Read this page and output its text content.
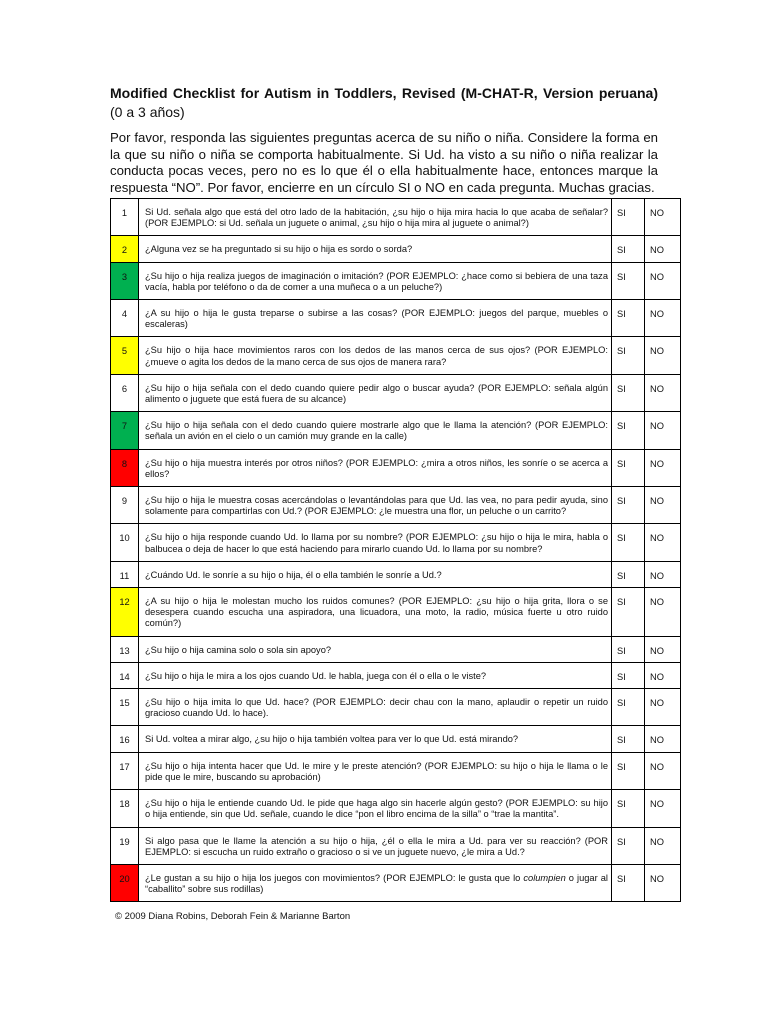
Modified Checklist for Autism in Toddlers, Revised (M-CHAT-R, Version peruana) (0 a 3 años)
Por favor, responda las siguientes preguntas acerca de su niño o niña. Considere la forma en la que su niño o niña se comporta habitualmente. Si Ud. ha visto a su niño o niña realizar la conducta pocas veces, pero no es lo que él o ella habitualmente hace, entonces marque la respuesta “NO”. Por favor, encierre en un círculo SI o NO en cada pregunta. Muchas gracias.
1	Si Ud. señala algo que está del otro lado de la habitación, ¿su hijo o hija mira hacia lo que acaba de señalar? (POR EJEMPLO: si Ud. señala un juguete o animal, ¿su hijo o hija mira al juguete o animal?)	SI	NO
2	¿Alguna vez se ha preguntado si su hijo o hija es sordo o sorda?	SI	NO
3	¿Su hijo o hija realiza juegos de imaginación o imitación? (POR EJEMPLO: ¿hace como si bebiera de una taza vacía, habla por teléfono o da de comer a una muñeca o a un peluche?)	SI	NO
4	¿A su hijo o hija le gusta treparse o subirse a las cosas? (POR EJEMPLO: juegos del parque, muebles o escaleras)	SI	NO
5	¿Su hijo o hija hace movimientos raros con los dedos de las manos cerca de sus ojos? (POR EJEMPLO: ¿mueve o agita los dedos de la mano cerca de sus ojos de manera rara?	SI	NO
6	¿Su hijo o hija señala con el dedo cuando quiere pedir algo o buscar ayuda? (POR EJEMPLO: señala algún alimento o juguete que está fuera de su alcance)	SI	NO
7	¿Su hijo o hija señala con el dedo cuando quiere mostrarle algo que le llama la atención? (POR EJEMPLO: señala un avión en el cielo o un camión muy grande en la calle)	SI	NO
8	¿Su hijo o hija muestra interés por otros niños? (POR EJEMPLO: ¿mira a otros niños, les sonríe o se acerca a ellos?	SI	NO
9	¿Su hijo o hija le muestra cosas acercándolas o levantándolas para que Ud. las vea, no para pedir ayuda, sino solamente para compartirlas con Ud.? (POR EJEMPLO: ¿le muestra una flor, un peluche o un carrito?	SI	NO
10	¿Su hijo o hija responde cuando Ud. lo llama por su nombre? (POR EJEMPLO: ¿su hijo o hija le mira, habla o balbucea o deja de hacer lo que está haciendo para mirarlo cuando Ud. lo llama por su nombre?	SI	NO
11	¿Cuándo Ud. le sonríe a su hijo o hija, él o ella también le sonríe a Ud.?	SI	NO
12	¿A su hijo o hija le molestan mucho los ruidos comunes? (POR EJEMPLO: ¿su hijo o hija grita, llora o se desespera cuando escucha una aspiradora, una licuadora, una moto, la radio, música fuerte u otro ruido común?)	SI	NO
13	¿Su hijo o hija camina solo o sola sin apoyo?	SI	NO
14	¿Su hijo o hija le mira a los ojos cuando Ud. le habla, juega con él o ella o le viste?	SI	NO
15	¿Su hijo o hija imita lo que Ud. hace? (POR EJEMPLO: decir chau con la mano, aplaudir o repetir un ruido gracioso cuando Ud. lo hace).	SI	NO
16	Si Ud. voltea a mirar algo, ¿su hijo o hija también voltea para ver lo que Ud. está mirando?	SI	NO
17	¿Su hijo o hija intenta hacer que Ud. le mire y le preste atención? (POR EJEMPLO: su hijo o hija le llama o le pide que le mire, buscando su aprobación)	SI	NO
18	¿Su hijo o hija le entiende cuando Ud. le pide que haga algo sin hacerle algún gesto? (POR EJEMPLO: su hijo o hija entiende, sin que Ud. señale, cuando le dice “pon el libro encima de la silla” o “trae la mantita”.	SI	NO
19	Si algo pasa que le llame la atención a su hijo o hija, ¿él o ella le mira a Ud. para ver su reacción? (POR EJEMPLO: si escucha un ruido extraño o gracioso o si ve un juguete nuevo, ¿le mira a Ud.?	SI	NO
20	¿Le gustan a su hijo o hija los juegos con movimientos? (POR EJEMPLO: le gusta que lo columpien o jugar al “caballito” sobre sus rodillas)	SI	NO
© 2009 Diana Robins, Deborah Fein & Marianne Barton
